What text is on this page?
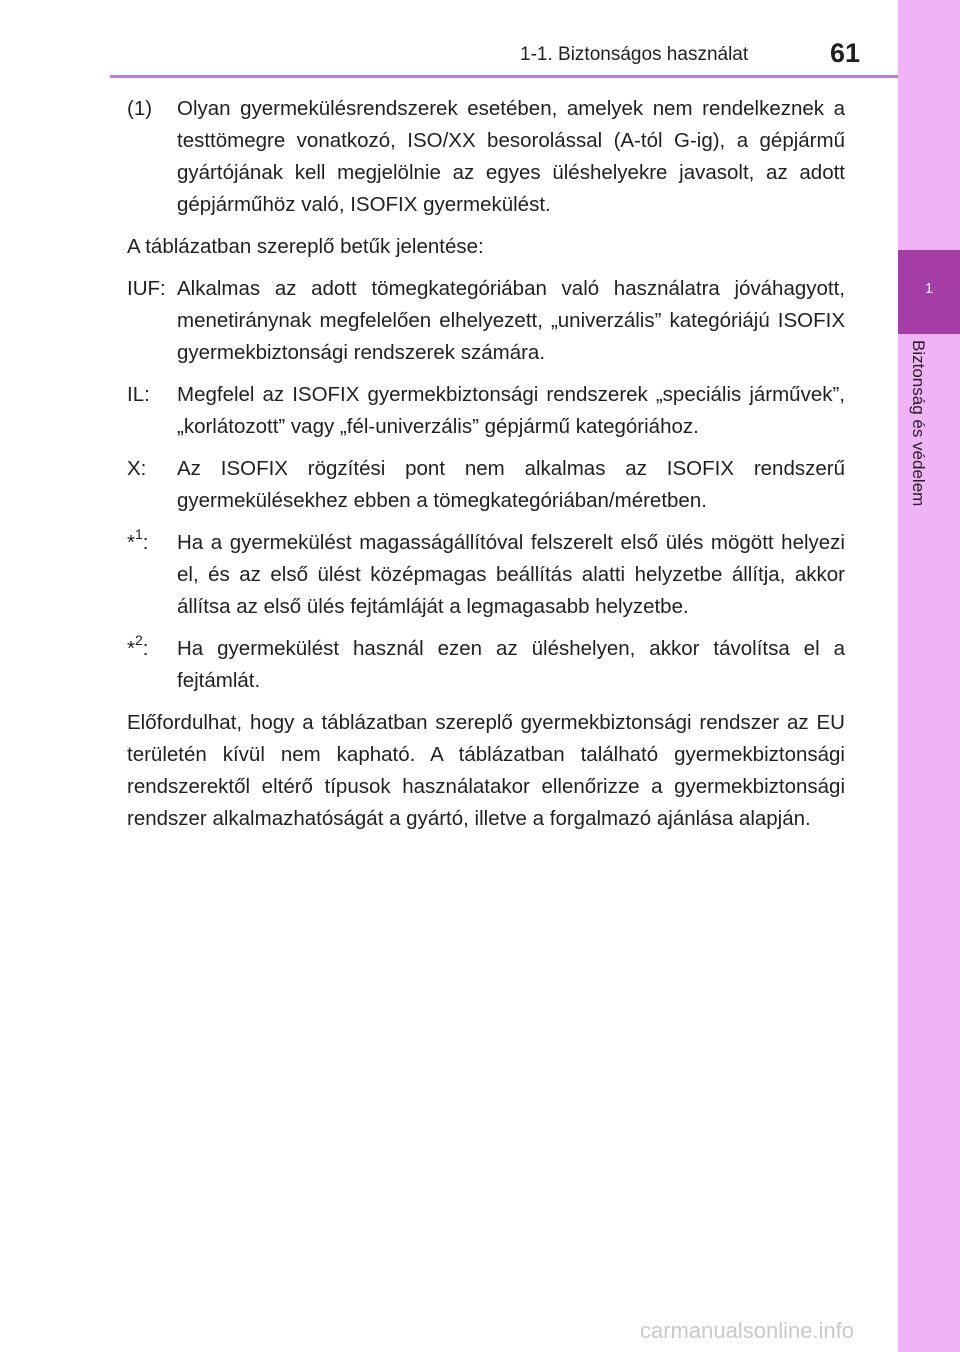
1-1. Biztonságos használat	61
1
Biztonság és védelem
(1)	Olyan gyermekülésrendszerek esetében, amelyek nem rendelkeznek a testtömegre vonatkozó, ISO/XX besorolással (A-tól G-ig), a gépjármű gyártójának kell megjelölnie az egyes üléshelyekre javasolt, az adott gépjárműhöz való, ISOFIX gyermekülést.

A táblázatban szereplő betűk jelentése:

IUF: Alkalmas az adott tömegkategóriában való használatra jóváhagyott, menetiránynak megfelelően elhelyezett, „univerzális” kategóriájú ISOFIX gyermekbiztonsági rendszerek számára.
IL:	Megfelel az ISOFIX gyermekbiztonsági rendszerek „speciális járművek”, „korlátozott” vagy „fél-univerzális” gépjármű kategóriához.
X:	Az ISOFIX rögzítési pont nem alkalmas az ISOFIX rendszerű gyermekülésekhez ebben a tömegkategóriában/méretben.
*$^1$:	Ha a gyermekülést magasságállítóval felszerelt első ülés mögött helyezi el, és az első ülést középmagas beállítás alatti helyzetbe állítja, akkor állítsa az első ülés fejtámláját a legmagasabb helyzetbe.
*$^2$:	Ha gyermekülést használ ezen az üléshelyen, akkor távolítsa el a fejtámlát.

Előfordulhat, hogy a táblázatban szereplő gyermekbiztonsági rendszer az EU területén kívül nem kapható. A táblázatban található gyermekbiztonsági rendszerektől eltérő típusok használatakor ellenőrizze a gyermekbiztonsági rendszer alkalmazhatóságát a gyártó, illetve a forgalmazó ajánlása alapján.

carmanualsonline.info
